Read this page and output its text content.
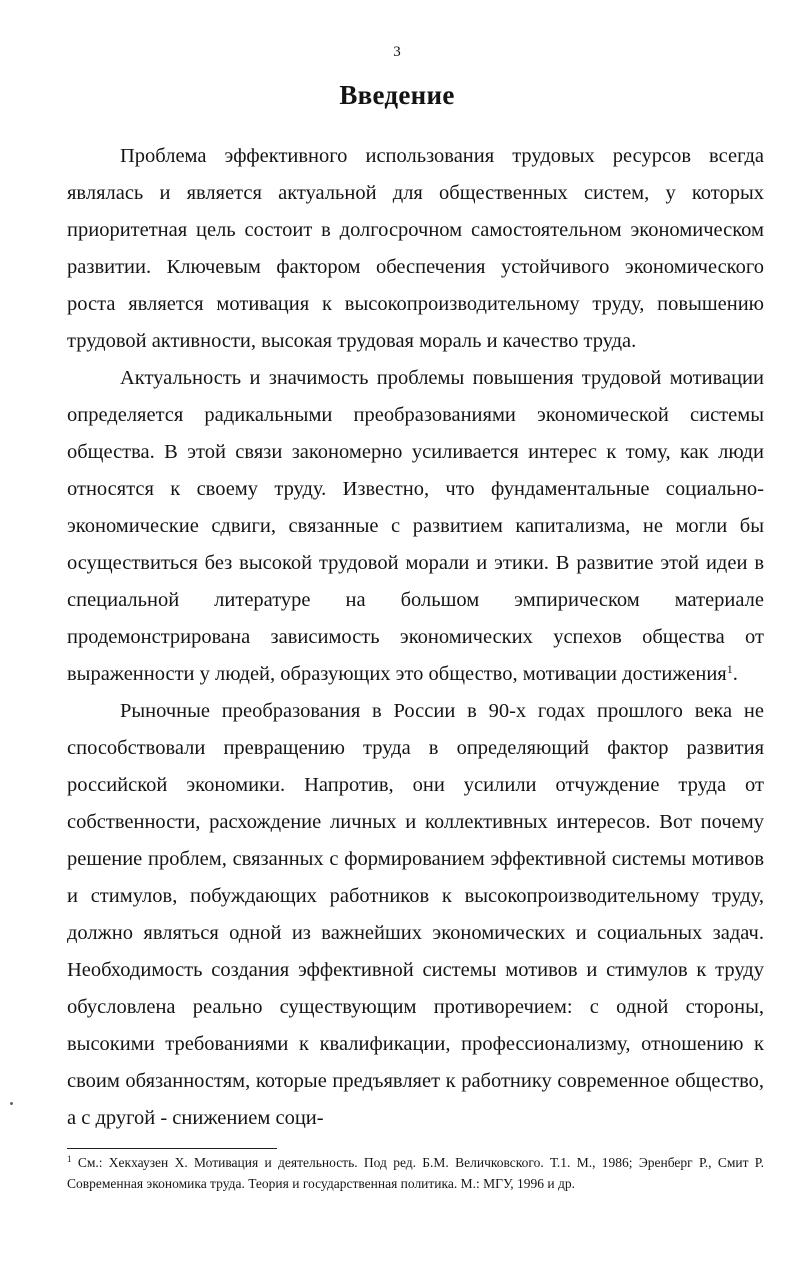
3
Введение

Проблема эффективного использования трудовых ресурсов всегда являлась и является актуальной для общественных систем, у которых приоритетная цель состоит в долгосрочном самостоятельном экономическом развитии. Ключевым фактором обеспечения устойчивого экономического роста является мотивация к высокопроизводительному труду, повышению трудовой активности, высокая трудовая мораль и качество труда.

Актуальность и значимость проблемы повышения трудовой мотивации определяется радикальными преобразованиями экономической системы общества. В этой связи закономерно усиливается интерес к тому, как люди относятся к своему труду. Известно, что фундаментальные социально-экономические сдвиги, связанные с развитием капитализма, не могли бы осуществиться без высокой трудовой морали и этики. В развитие этой идеи в специальной литературе на большом эмпирическом материале продемонстрирована зависимость экономических успехов общества от выраженности у людей, образующих это общество, мотивации достижения$^1$.

Рыночные преобразования в России в 90-х годах прошлого века не способствовали превращению труда в определяющий фактор развития российской экономики. Напротив, они усилили отчуждение труда от собственности, расхождение личных и коллективных интересов. Вот почему решение проблем, связанных с формированием эффективной системы мотивов и стимулов, побуждающих работников к высокопроизводительному труду, должно являться одной из важнейших экономических и социальных задач. Необходимость создания эффективной системы мотивов и стимулов к труду обусловлена реально существующим противоречием: с одной стороны, высокими требованиями к квалификации, профессионализму, отношению к своим обязанностям, которые предъявляет к работнику современное общество, а с другой - снижением соци-

$^1$ См.: Хекхаузен Х. Мотивация и деятельность. Под ред. Б.М. Величковского. Т.1. М., 1986; Эренберг Р., Смит Р. Современная экономика труда. Теория и государственная политика. М.: МГУ, 1996 и др.
